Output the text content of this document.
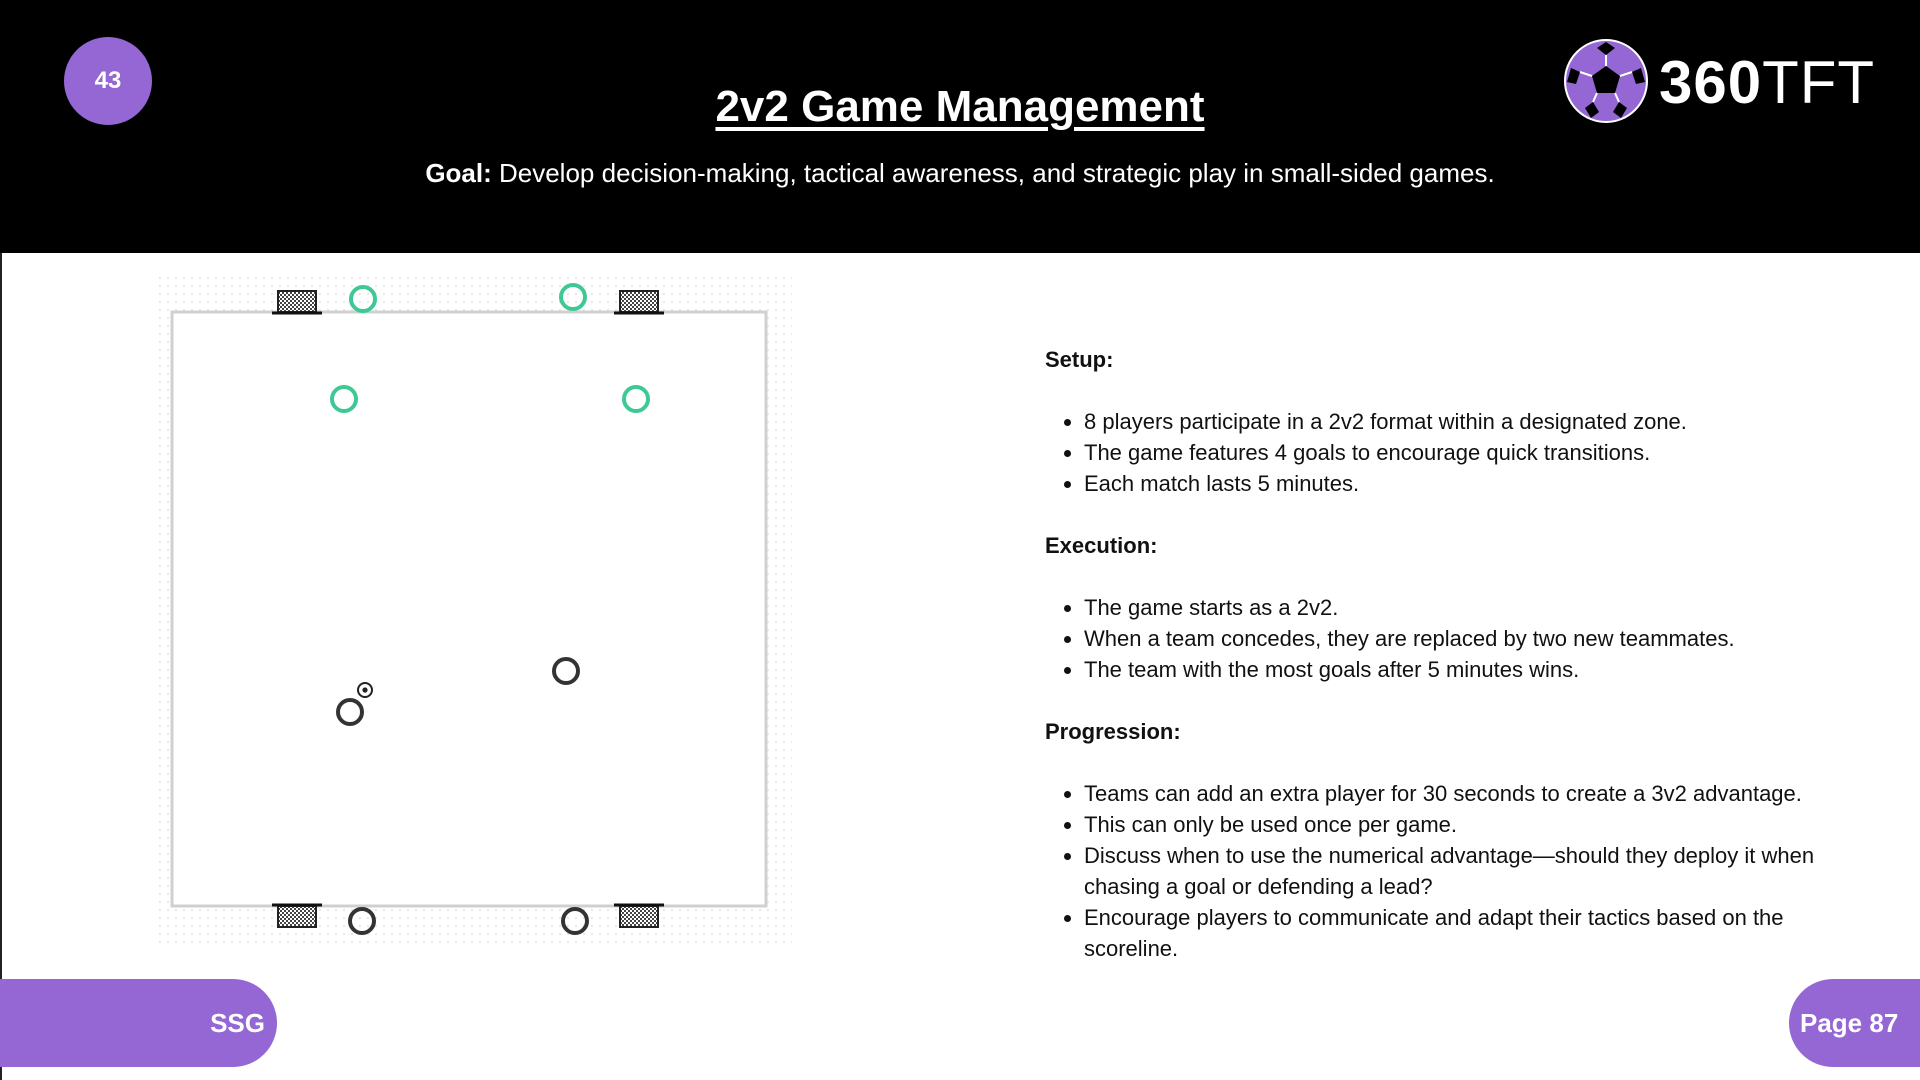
43
2v2 Game Management
Goal: Develop decision-making, tactical awareness, and strategic play in small-sided games.
360TFT

Setup:

• 8 players participate in a 2v2 format within a designated zone.
• The game features 4 goals to encourage quick transitions.
• Each match lasts 5 minutes.

Execution:

• The game starts as a 2v2.
• When a team concedes, they are replaced by two new teammates.
• The team with the most goals after 5 minutes wins.

Progression:

• Teams can add an extra player for 30 seconds to create a 3v2 advantage.
• This can only be used once per game.
• Discuss when to use the numerical advantage—should they deploy it when chasing a goal or defending a lead?
• Encourage players to communicate and adapt their tactics based on the scoreline.
SSG	Page 87
